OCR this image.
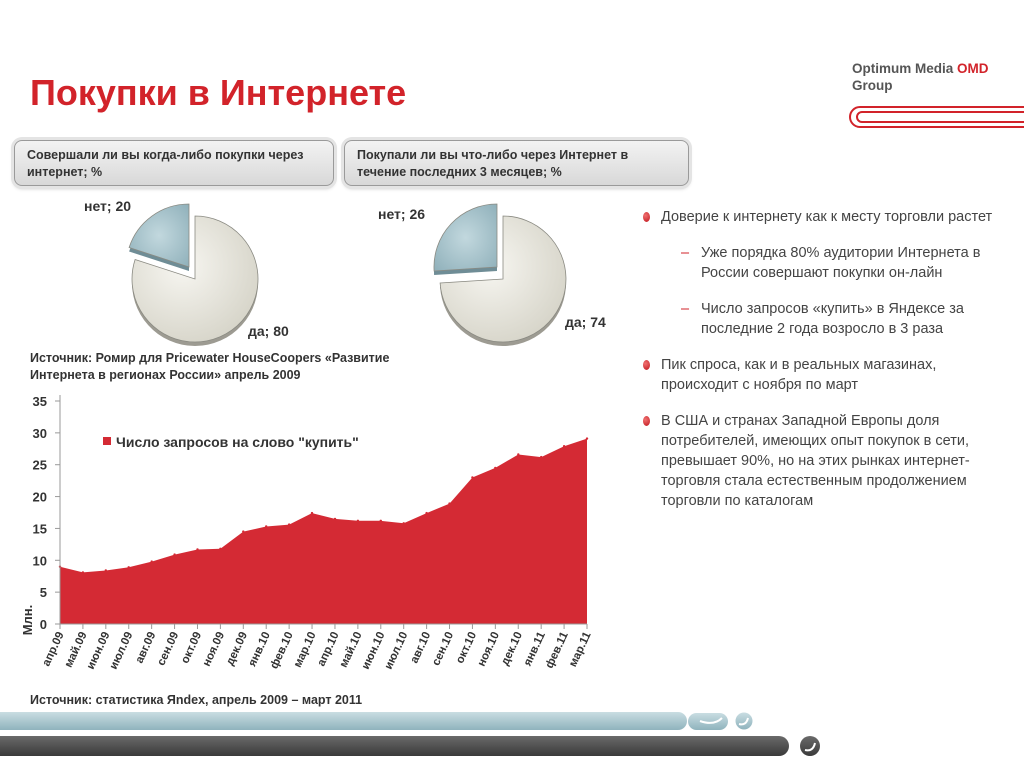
Покупки в Интернете
Optimum Media OMD
Group
Совершали ли вы когда-либо покупки через интернет; %
Покупали ли вы что-либо через Интернет в течение последних 3 месяцев; %
нет; 20
да; 80
нет; 26
да; 74
Источник: Ромир для Pricewater HouseCoopers «Развитие Интернета в регионах России» апрель 2009
0
5
10
15
20
25
30
35
апр.09
май.09
июн.09
июл.09
авг.09
сен.09
окт.09
ноя.09
дек.09
янв.10
фев.10
мар.10
апр.10
май.10
июн.10
июл.10
авг.10
сен.10
окт.10
ноя.10
дек.10
янв.11
фев.11
мар.11
Число запросов на слово "купить"
Млн.
Источник: статистика Яndex, апрель 2009 – март 2011
Доверие к интернету как к месту торговли растет
– Уже порядка 80% аудитории Интернета в России совершают покупки он-лайн
– Число запросов «купить» в Яндексе за последние 2 года возросло в 3 раза
Пик спроса, как и в реальных магазинах, происходит с ноября по март
В США и странах Западной Европы доля потребителей, имеющих опыт покупок в сети, превышает 90%, но на этих рынках интернет-торговля стала естественным продолжением торговли по каталогам
